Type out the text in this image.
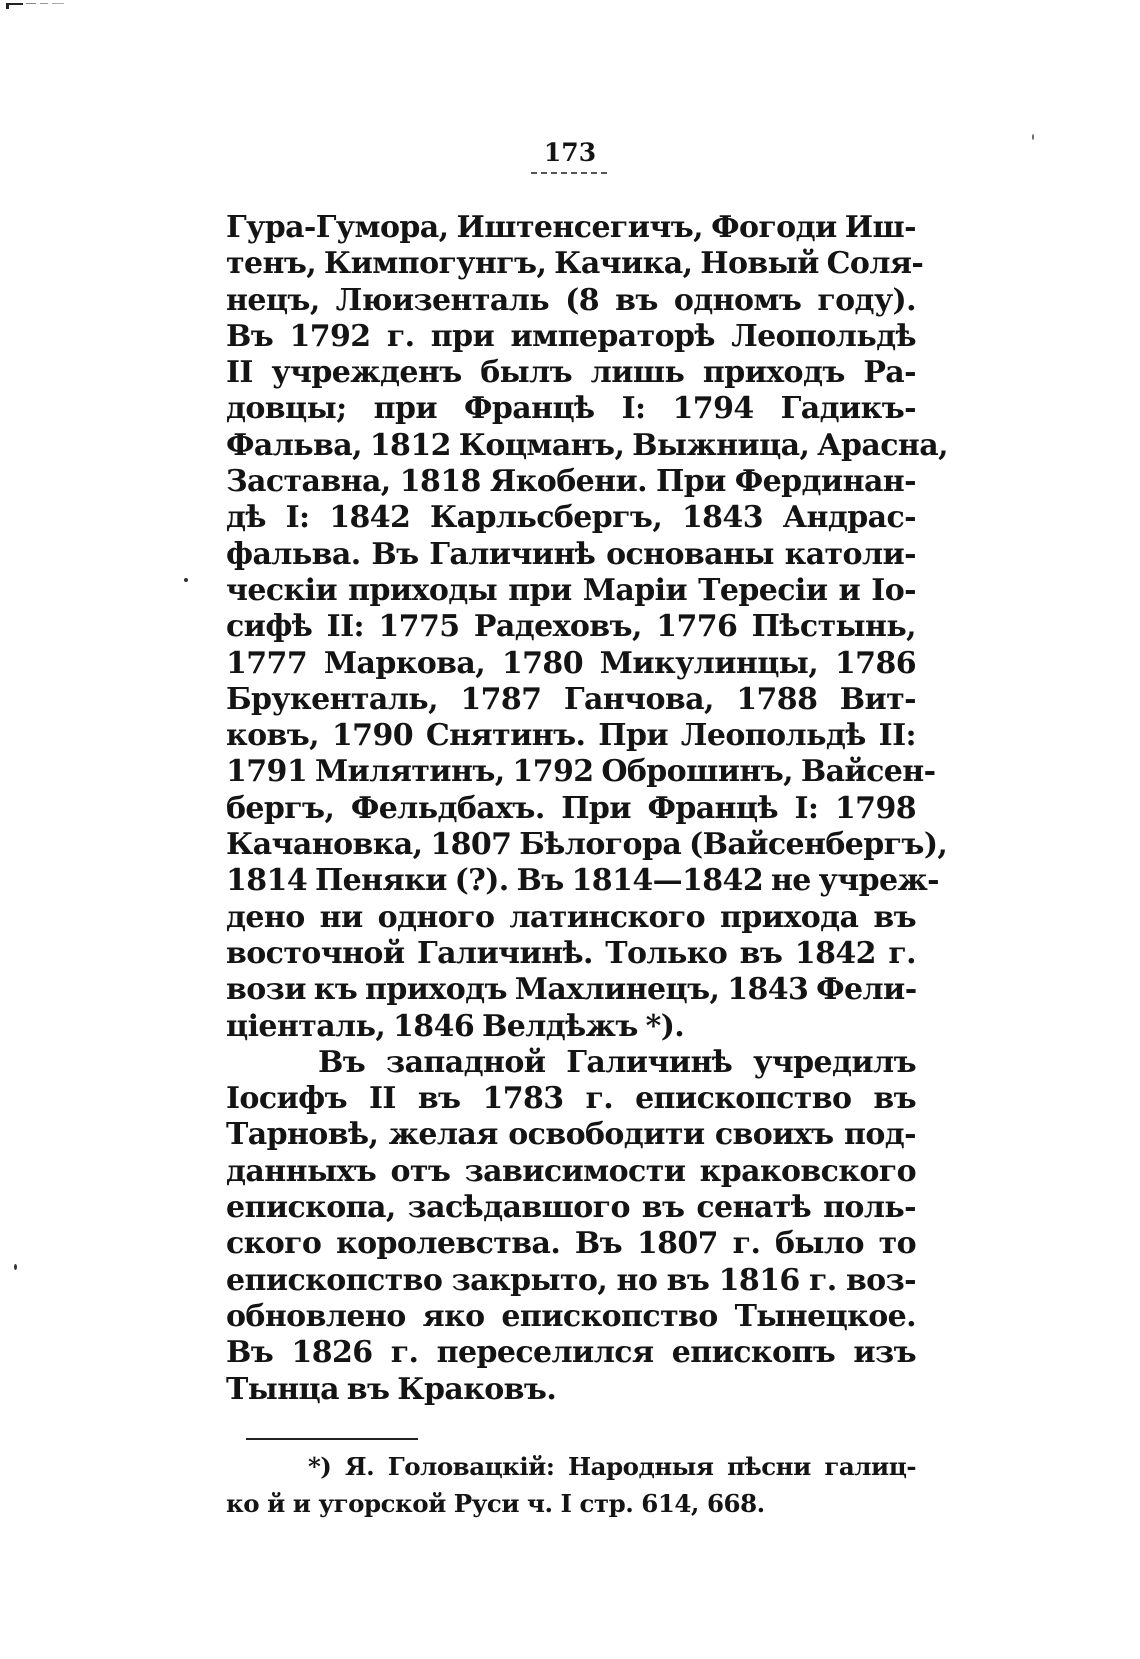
173
Гура-Гумора, Иштенсегичъ, Фогоди Иш-
тенъ, Кимпогунгъ, Качика, Новый Соля-
нецъ, Люизенталь (8 въ одномъ году).
Въ 1792 г. при императорѣ Леопольдѣ
II учрежденъ былъ лишь приходъ Ра-
довцы; при Францѣ I: 1794 Гадикъ-
Фальва, 1812 Коцманъ, Выжница, Арасна,
Заставна, 1818 Якобени. При Фердинан-
дѣ I: 1842 Карльсбергъ, 1843 Андрас-
фальва. Въ Галичинѣ основаны католи-
ческіи приходы при Маріи Тересіи и Іо-
сифѣ II: 1775 Радеховъ, 1776 Пѣстынь,
1777 Маркова, 1780 Микулинцы, 1786
Брукенталь, 1787 Ганчова, 1788 Вит-
ковъ, 1790 Снятинъ. При Леопольдѣ II:
1791 Милятинъ, 1792 Оброшинъ, Вайсен-
бергъ, Фельдбахъ. При Францѣ I: 1798
Качановка, 1807 Бѣлогора (Вайсенбергъ),
1814 Пеняки (?). Въ 1814—1842 не учреж-
дено ни одного латинского прихода въ
восточной Галичинѣ. Только въ 1842 г.
вози къ приходъ Махлинецъ, 1843 Фели-
ціенталь, 1846 Велдѣжъ *).
Въ западной Галичинѣ учредилъ
Іосифъ II въ 1783 г. епископство въ
Тарновѣ, желая освободити своихъ под-
данныхъ отъ зависимости краковского
епископа, засѣдавшого въ сенатѣ поль-
ского королевства. Въ 1807 г. было то
епископство закрыто, но въ 1816 г. воз-
обновлено яко епископство Тынецкое.
Въ 1826 г. переселился епископъ изъ
Тынца въ Краковъ.
*) Я. Головацкій: Народныя пѣсни галиц-
ко й и угорской Руси ч. I стр. 614, 668.
